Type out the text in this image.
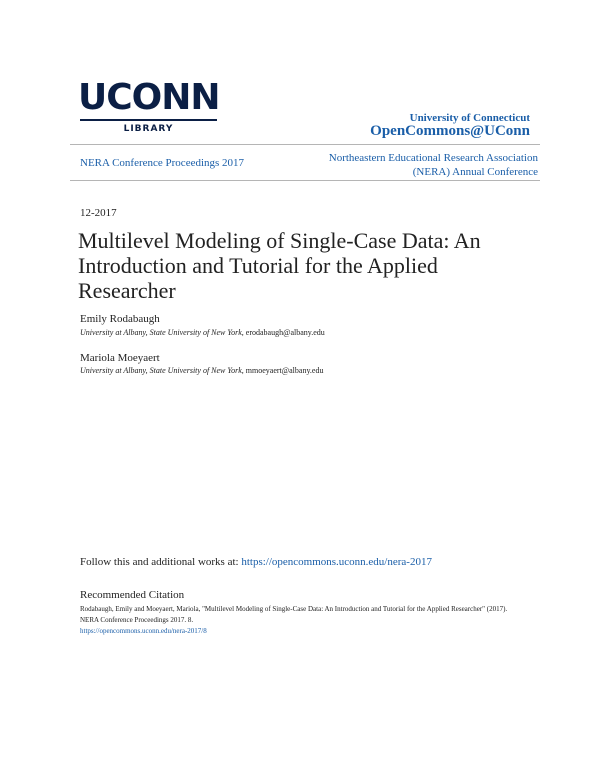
UCONN
LIBRARY
University of Connecticut
OpenCommons@UConn
NERA Conference Proceedings 2017	Northeastern Educational Research Association
(NERA) Annual Conference
12-2017
Multilevel Modeling of Single-Case Data: An Introduction and Tutorial for the Applied Researcher
Emily Rodabaugh
University at Albany, State University of New York, erodabaugh@albany.edu
Mariola Moeyaert
University at Albany, State University of New York, mmoeyaert@albany.edu
Follow this and additional works at: https://opencommons.uconn.edu/nera-2017
Recommended Citation
Rodabaugh, Emily and Moeyaert, Mariola, "Multilevel Modeling of Single-Case Data: An Introduction and Tutorial for the Applied Researcher" (2017). NERA Conference Proceedings 2017. 8.
https://opencommons.uconn.edu/nera-2017/8
